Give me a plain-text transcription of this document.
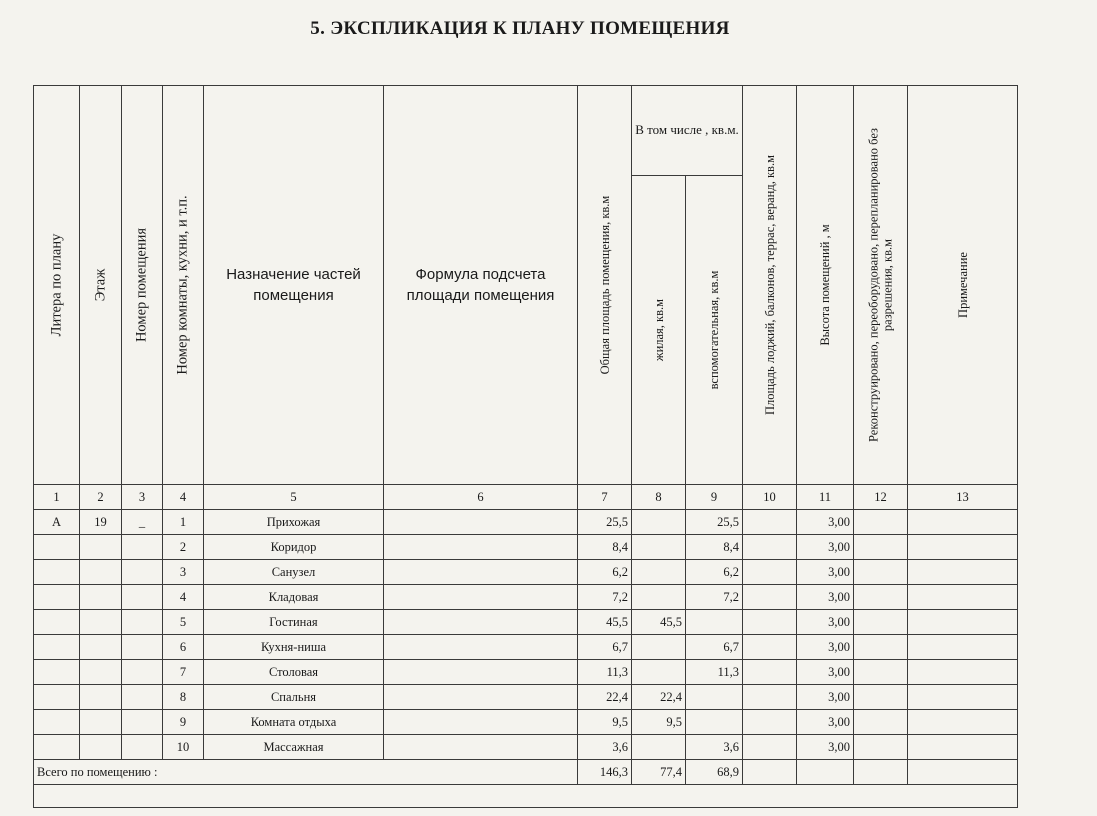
5. ЭКСПЛИКАЦИЯ К ПЛАНУ ПОМЕЩЕНИЯ
Литера по плану	Этаж	Номер помещения	Номер комнаты, кухни, и т.п.	Назначение частей помещения	Формула подсчета площади помещения	Общая площадь помещения, кв.м	В том числе , кв.м.		Площадь лоджий, балконов, террас, веранд, кв.м	Высота помещений , м	Реконструировано, переоборудовано, перепланировано без разрешения, кв.м	Примечание

							жилая, кв.м	вспомогательная, кв.м				

1	2	3	4	5	6	7	8	9	10	11	12	13
А	19	_	1	Прихожая		25,5		25,5		3,00		
			2	Коридор		8,4		8,4		3,00		
			3	Санузел		6,2		6,2		3,00		
			4	Кладовая		7,2		7,2		3,00		
			5	Гостиная		45,5	45,5			3,00		
			6	Кухня-ниша		6,7		6,7		3,00		
			7	Столовая		11,3		11,3		3,00		
			8	Спальня		22,4	22,4			3,00		
			9	Комната отдыха		9,5	9,5			3,00		
			10	Массажная		3,6		3,6		3,00		
Всего по помещению :						146,3	77,4	68,9				
